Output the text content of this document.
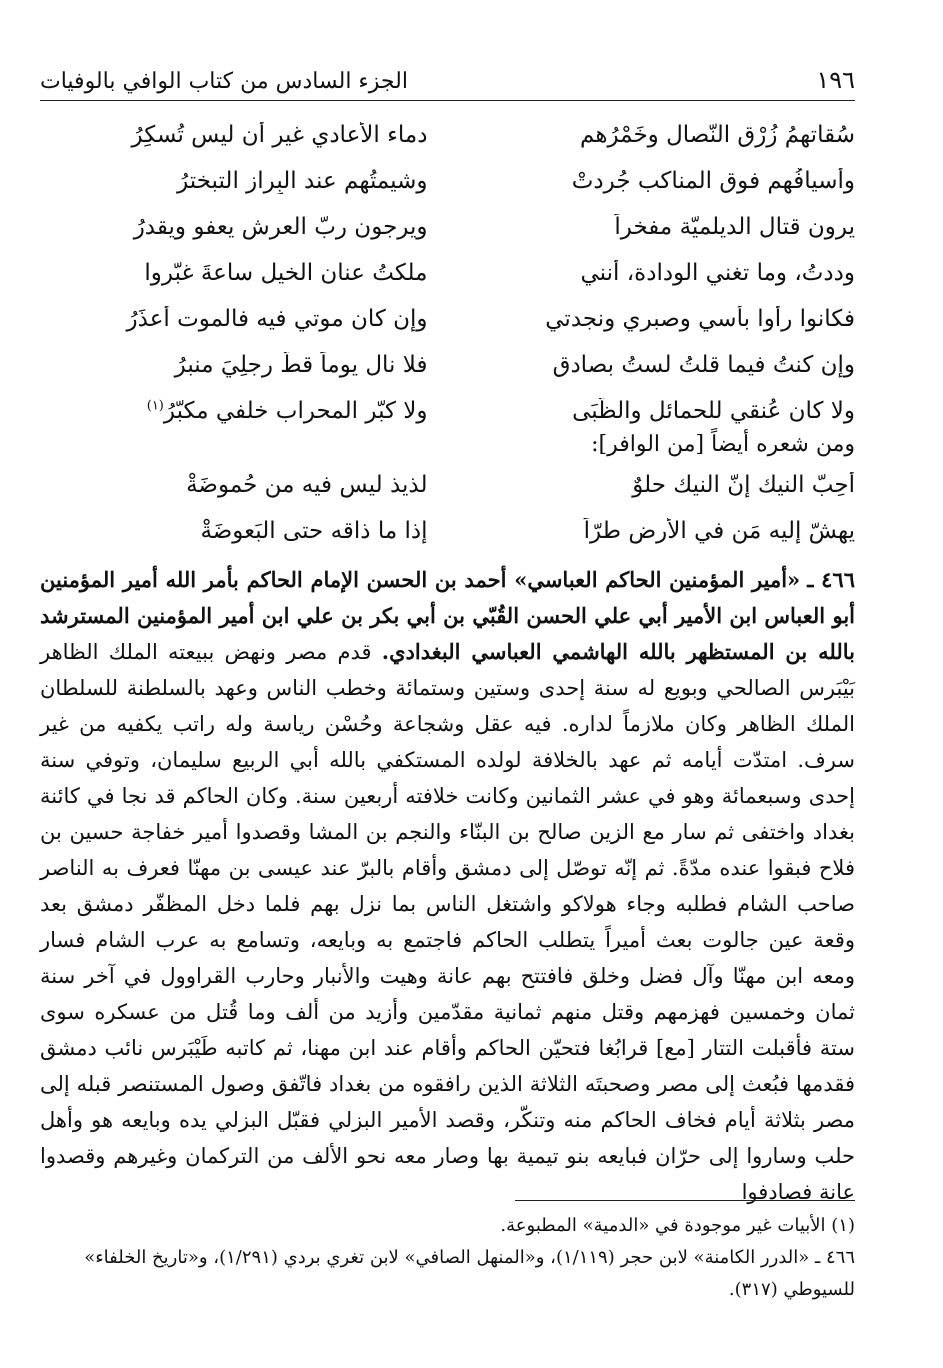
١٩٦
الجزء السادس من كتاب الوافي بالوفيات
سُقاتهمُ زُرْق النّصال وخَمْرُهم
دماء الأعادي غير أن ليس تُسكِرُ
وأسيافُهم فوق المناكب جُردتْ
وشيمتُهم عند البِراز التبخترُ
يرون قتال الديلميّة مفخراً
ويرجون ربّ العرش يعفو ويقدرُ
وددتُ، وما تغني الوِدادة، أنني
ملكتُ عنان الخيل ساعةَ غبّروا
فكانوا رأوا بأسي وصبري ونجدتي
وإن كان موتي فيه فالموت أعذَرُ
وإن كنتُ فيما قلتُ لستُ بصادقٍ
فلا نال يوماً قطّ رجلِيَ منبرُ
ولا كان عُنقي للحمائل والظُّبَى
ولا كبّر المحراب خلفي مكبّرُ$^{(١)}$
ومن شعره أيضاً [من الوافر]:
أُحِبّ النيك إنّ النيك حلوٌ
لذيذ ليس فيه من حُموضَةْ
يهشّ إليه مَن في الأرض طرّاً
إذا ما ذاقه حتى البَعوضَةْ
٤٦٦ ـ «أمير المؤمنين الحاكم العباسي» أحمد بن الحسن الإمام الحاكم بأمر الله أمير المؤمنين أبو العباس ابن الأمير أبي علي الحسن القُبّي بن أبي بكر بن علي ابن أمير المؤمنين المسترشد بالله بن المستظهر بالله الهاشمي العباسي البغدادي. قدم مصر ونهض ببيعته الملك الظاهر بَيْبَرس الصالحي وبويع له سنة إحدى وستين وستمائة وخطب الناس وعهد بالسلطنة للسلطان الملك الظاهر وكان ملازماً لداره. فيه عقل وشجاعة وحُسْن رياسة وله راتب يكفيه من غير سرف. امتدّت أيامه ثم عهد بالخلافة لولده المستكفي بالله أبي الربيع سليمان، وتوفي سنة إحدى وسبعمائة وهو في عشر الثمانين وكانت خلافته أربعين سنة. وكان الحاكم قد نجا في كائنة بغداد واختفى ثم سار مع الزين صالح بن البنّاء والنجم بن المشا وقصدوا أمير خفاجة حسين بن فلاح فبقوا عنده مدّةً. ثم إنّه توصّل إلى دمشق وأقام بالبرّ عند عيسى بن مهنّا فعرف به الناصر صاحب الشام فطلبه وجاء هولاكو واشتغل الناس بما نزل بهم فلما دخل المظفّر دمشق بعد وقعة عين جالوت بعث أميراً يتطلب الحاكم فاجتمع به وبايعه، وتسامع به عرب الشام فسار ومعه ابن مهنّا وآل فضل وخلق فافتتح بهم عانة وهيت والأنبار وحارب القراوول في آخر سنة ثمان وخمسين فهزمهم وقتل منهم ثمانية مقدّمين وأزيد من ألف وما قُتل من عسكره سوى ستة فأقبلت التتار [مع] قرابُغا فتحيّن الحاكم وأقام عند ابن مهنا، ثم كاتبه طَيْبَرس نائب دمشق فقدمها فبُعث إلى مصر وصحبتَه الثلاثة الذين رافقوه من بغداد فاتّفق وصول المستنصر قبله إلى مصر بثلاثة أيام فخاف الحاكم منه وتنكّر، وقصد الأمير البزلي فقبّل البزلي يده وبايعه هو وأهل حلب وساروا إلى حرّان فبايعه بنو تيمية بها وصار معه نحو الألف من التركمان وغيرهم وقصدوا عانة فصادفوا
(١) الأبيات غير موجودة في «الدمية» المطبوعة.
٤٦٦ ـ «الدرر الكامنة» لابن حجر (١/١١٩)، و«المنهل الصافي» لابن تغري بردي (١/٢٩١)، و«تاريخ الخلفاء» للسيوطي (٣١٧).
